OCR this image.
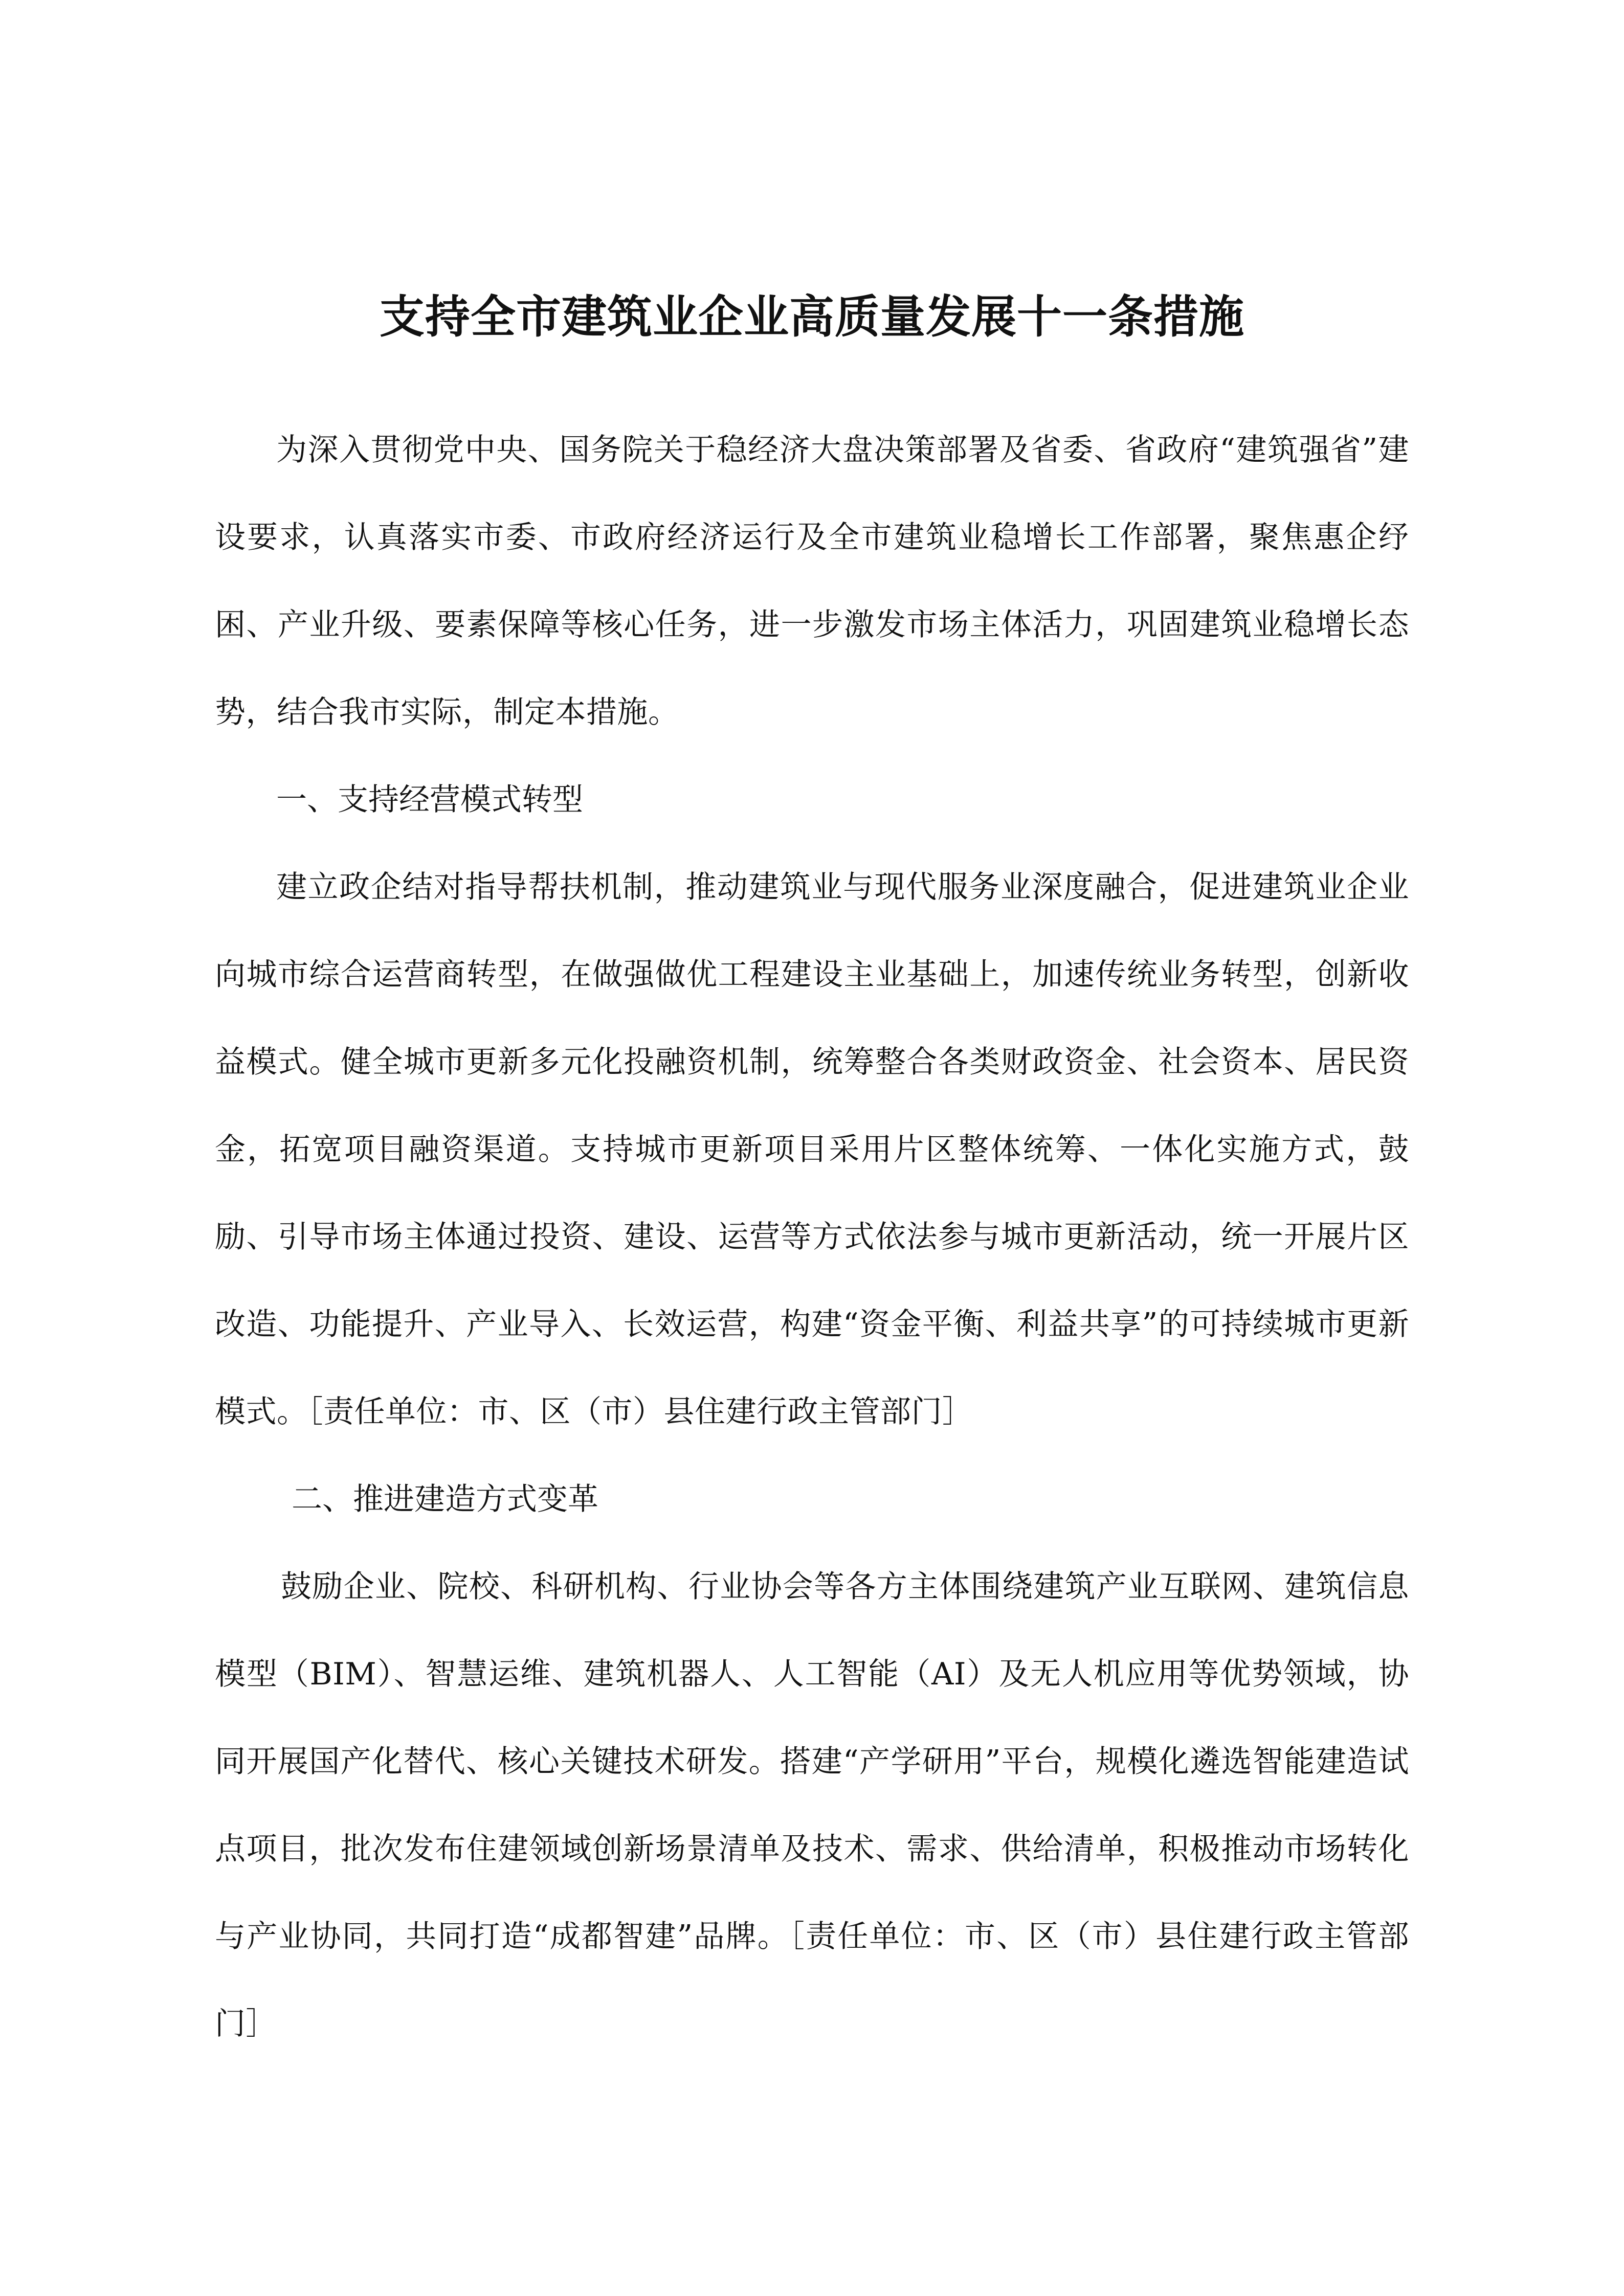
支持全市建筑业企业高质量发展十一条措施

为深入贯彻党中央、国务院关于稳经济大盘决策部署及省委、省政府“建筑强省”建设要求，认真落实市委、市政府经济运行及全市建筑业稳增长工作部署，聚焦惠企纾困、产业升级、要素保障等核心任务，进一步激发市场主体活力，巩固建筑业稳增长态势，结合我市实际，制定本措施。

一、支持经营模式转型

建立政企结对指导帮扶机制，推动建筑业与现代服务业深度融合，促进建筑业企业向城市综合运营商转型，在做强做优工程建设主业基础上，加速传统业务转型，创新收益模式。健全城市更新多元化投融资机制，统筹整合各类财政资金、社会资本、居民资金，拓宽项目融资渠道。支持城市更新项目采用片区整体统筹、一体化实施方式，鼓励、引导市场主体通过投资、建设、运营等方式依法参与城市更新活动，统一开展片区改造、功能提升、产业导入、长效运营，构建“资金平衡、利益共享”的可持续城市更新模式。［责任单位：市、区（市）县住建行政主管部门］

二、推进建造方式变革

鼓励企业、院校、科研机构、行业协会等各方主体围绕建筑产业互联网、建筑信息模型（BIM）、智慧运维、建筑机器人、人工智能（AI）及无人机应用等优势领域，协同开展国产化替代、核心关键技术研发。搭建“产学研用”平台，规模化遴选智能建造试点项目，批次发布住建领域创新场景清单及技术、需求、供给清单，积极推动市场转化与产业协同，共同打造“成都智建”品牌。［责任单位：市、区（市）县住建行政主管部门］
